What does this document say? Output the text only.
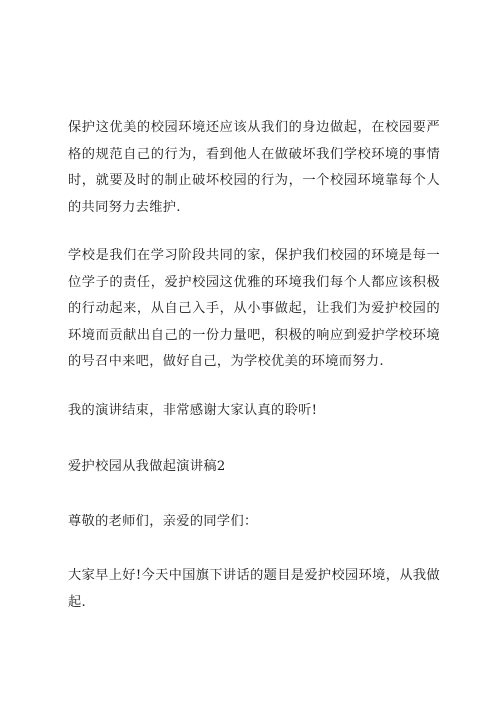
保护这优美的校园环境还应该从我们的身边做起，在校园要严格的规范自己的行为，看到他人在做破坏我们学校环境的事情时，就要及时的制止破坏校园的行为，一个校园环境靠每个人的共同努力去维护.

学校是我们在学习阶段共同的家，保护我们校园的环境是每一位学子的责任，爱护校园这优雅的环境我们每个人都应该积极的行动起来，从自己入手，从小事做起，让我们为爱护校园的环境而贡献出自己的一份力量吧，积极的响应到爱护学校环境的号召中来吧，做好自己，为学校优美的环境而努力.

我的演讲结束，非常感谢大家认真的聆听!

爱护校园从我做起演讲稿2

尊敬的老师们，亲爱的同学们：

大家早上好!今天中国旗下讲话的题目是爱护校园环境，从我做起.
